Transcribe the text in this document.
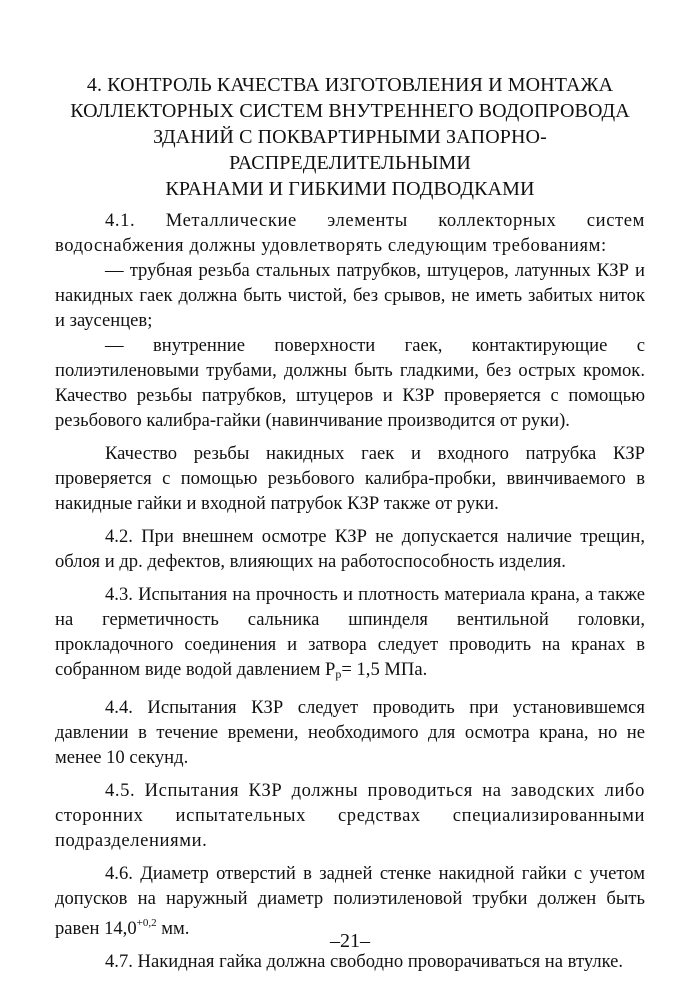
4. КОНТРОЛЬ КАЧЕСТВА ИЗГОТОВЛЕНИЯ И МОНТАЖА
КОЛЛЕКТОРНЫХ СИСТЕМ ВНУТРЕННЕГО ВОДОПРОВОДА
ЗДАНИЙ С ПОКВАРТИРНЫМИ ЗАПОРНО-РАСПРЕДЕЛИТЕЛЬНЫМИ
КРАНАМИ И ГИБКИМИ ПОДВОДКАМИ

4.1. Металлические элементы коллекторных систем водоснабжения должны удовлетворять следующим требованиям:

— трубная резьба стальных патрубков, штуцеров, латунных КЗР и накидных гаек должна быть чистой, без срывов, не иметь забитых ниток и заусенцев;

— внутренние поверхности гаек, контактирующие с полиэтиленовыми трубами, должны быть гладкими, без острых кромок. Качество резьбы патрубков, штуцеров и КЗР проверяется с помощью резьбового калибра-гайки (навинчивание производится от руки).

Качество резьбы накидных гаек и входного патрубка КЗР проверяется с помощью резьбового калибра-пробки, ввинчиваемого в накидные гайки и входной патрубок КЗР также от руки.

4.2. При внешнем осмотре КЗР не допускается наличие трещин, облоя и др. дефектов, влияющих на работоспособность изделия.

4.3. Испытания на прочность и плотность материала крана, а также на герметичность сальника шпинделя вентильной головки, прокладочного соединения и затвора следует проводить на кранах в собранном виде водой давлением $P_р= 1,5$ МПа.

4.4. Испытания КЗР следует проводить при установившемся давлении в течение времени, необходимого для осмотра крана, но не менее 10 секунд.

4.5. Испытания КЗР должны проводиться на заводских либо сторонних испытательных средствах специализированными подразделениями.

4.6. Диаметр отверстий в задней стенке накидной гайки с учетом допусков на наружный диаметр полиэтиленовой трубки должен быть равен $14,0^{+0,2}$ мм.

4.7. Накидная гайка должна свободно проворачиваться на втулке.

–21–
